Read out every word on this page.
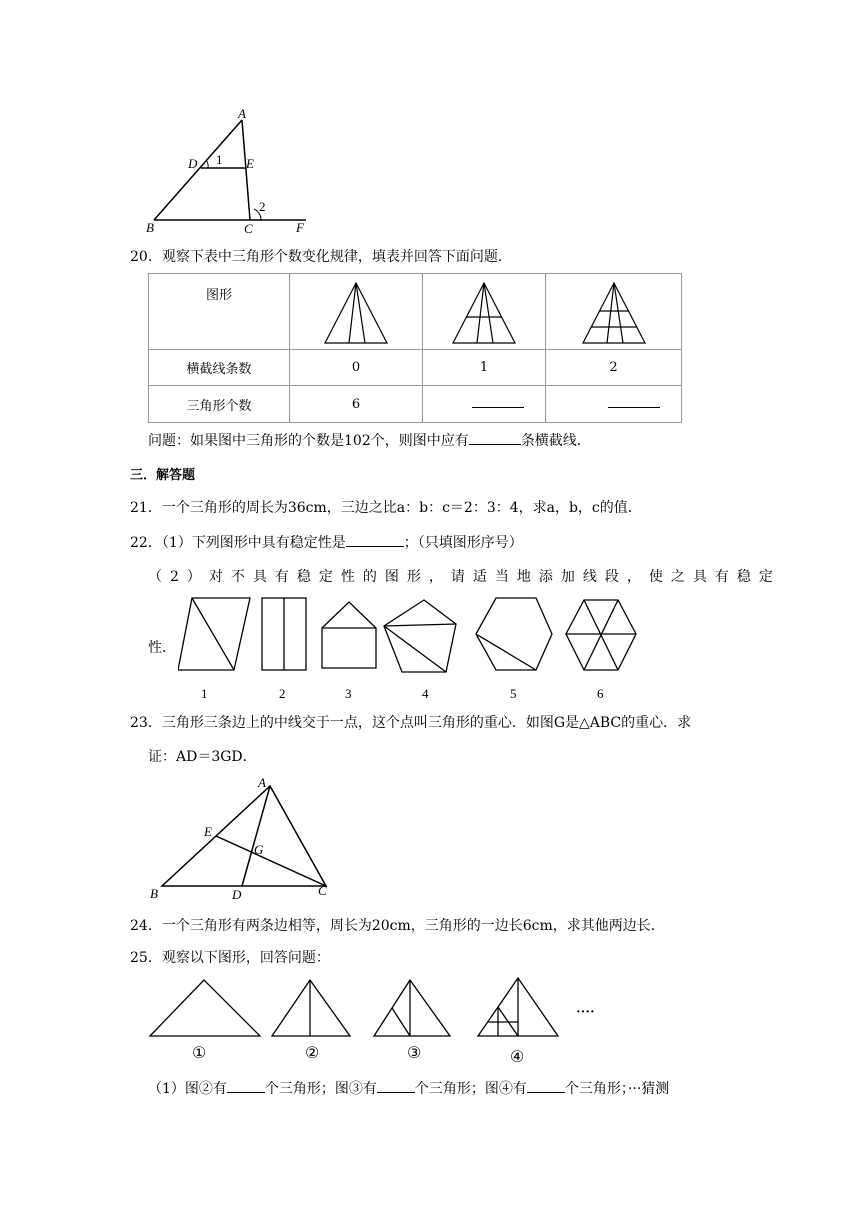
A
D 1 E
B	C
2
F
20．观察下表中三角形个数变化规律，填表并回答下面问题．
图形	

横截线条数	0	1	2
三角形个数	6		
问题：如果图中三角形的个数是102个，则图中应有	条横截线．
三．解答题
21．一个三角形的周长为36cm，三边之比a：b：c＝2：3：4，求a，b，c的值．
22．（1）下列图形中具有稳定性是	；（只填图形序号）
（2）对不具有稳定性的图形，请适当地添加线段，使之具有稳定
性．
1	2	3	4	5	6
23．三角形三条边上的中线交于一点，这个点叫三角形的重心．如图G是△ABC的重心．求
证：AD＝3GD．
A
E
G
B	D	C
24．一个三角形有两条边相等，周长为20cm，三角形的一边长6cm，求其他两边长．
25．观察以下图形，回答问题：
····
①	②	③	④
（1）图②有	个三角形；图③有	个三角形；图④有	个三角形；···猜测
